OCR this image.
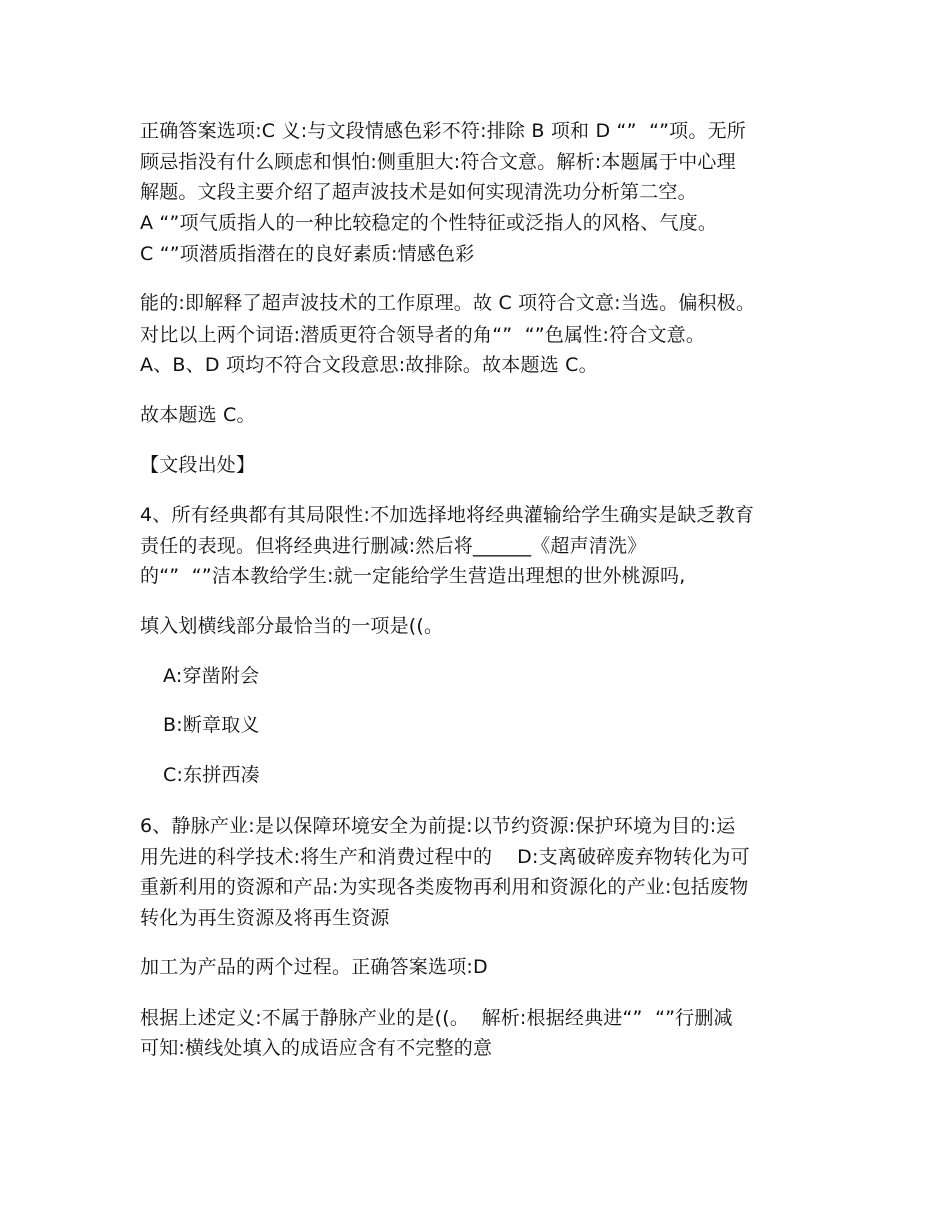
正确答案选项:C 义:与文段情感色彩不符:排除 B 项和 D “”  “”项。无所
顾忌指没有什么顾虑和惧怕:侧重胆大:符合文意。解析:本题属于中心理
解题。文段主要介绍了超声波技术是如何实现清洗功分析第二空。
A “”项气质指人的一种比较稳定的个性特征或泛指人的风格、气度。
C “”项潜质指潜在的良好素质:情感色彩
能的:即解释了超声波技术的工作原理。故 C 项符合文意:当选。偏积极。
对比以上两个词语:潜质更符合领导者的角“”  “”色属性:符合文意。
A、B、D 项均不符合文段意思:故排除。故本题选 C。
故本题选 C。
【文段出处】
4、所有经典都有其局限性:不加选择地将经典灌输给学生确实是缺乏教育
责任的表现。但将经典进行删减:然后将______《超声清洗》
的“”  “”洁本教给学生:就一定能给学生营造出理想的世外桃源吗,
填入划横线部分最恰当的一项是((。
A:穿凿附会
B:断章取义
C:东拼西凑
6、静脉产业:是以保障环境安全为前提:以节约资源:保护环境为目的:运
用先进的科学技术:将生产和消费过程中的    D:支离破碎废弃物转化为可
重新利用的资源和产品:为实现各类废物再利用和资源化的产业:包括废物
转化为再生资源及将再生资源
加工为产品的两个过程。正确答案选项:D
根据上述定义:不属于静脉产业的是((。  解析:根据经典进“”  “”行删减
可知:横线处填入的成语应含有不完整的意
